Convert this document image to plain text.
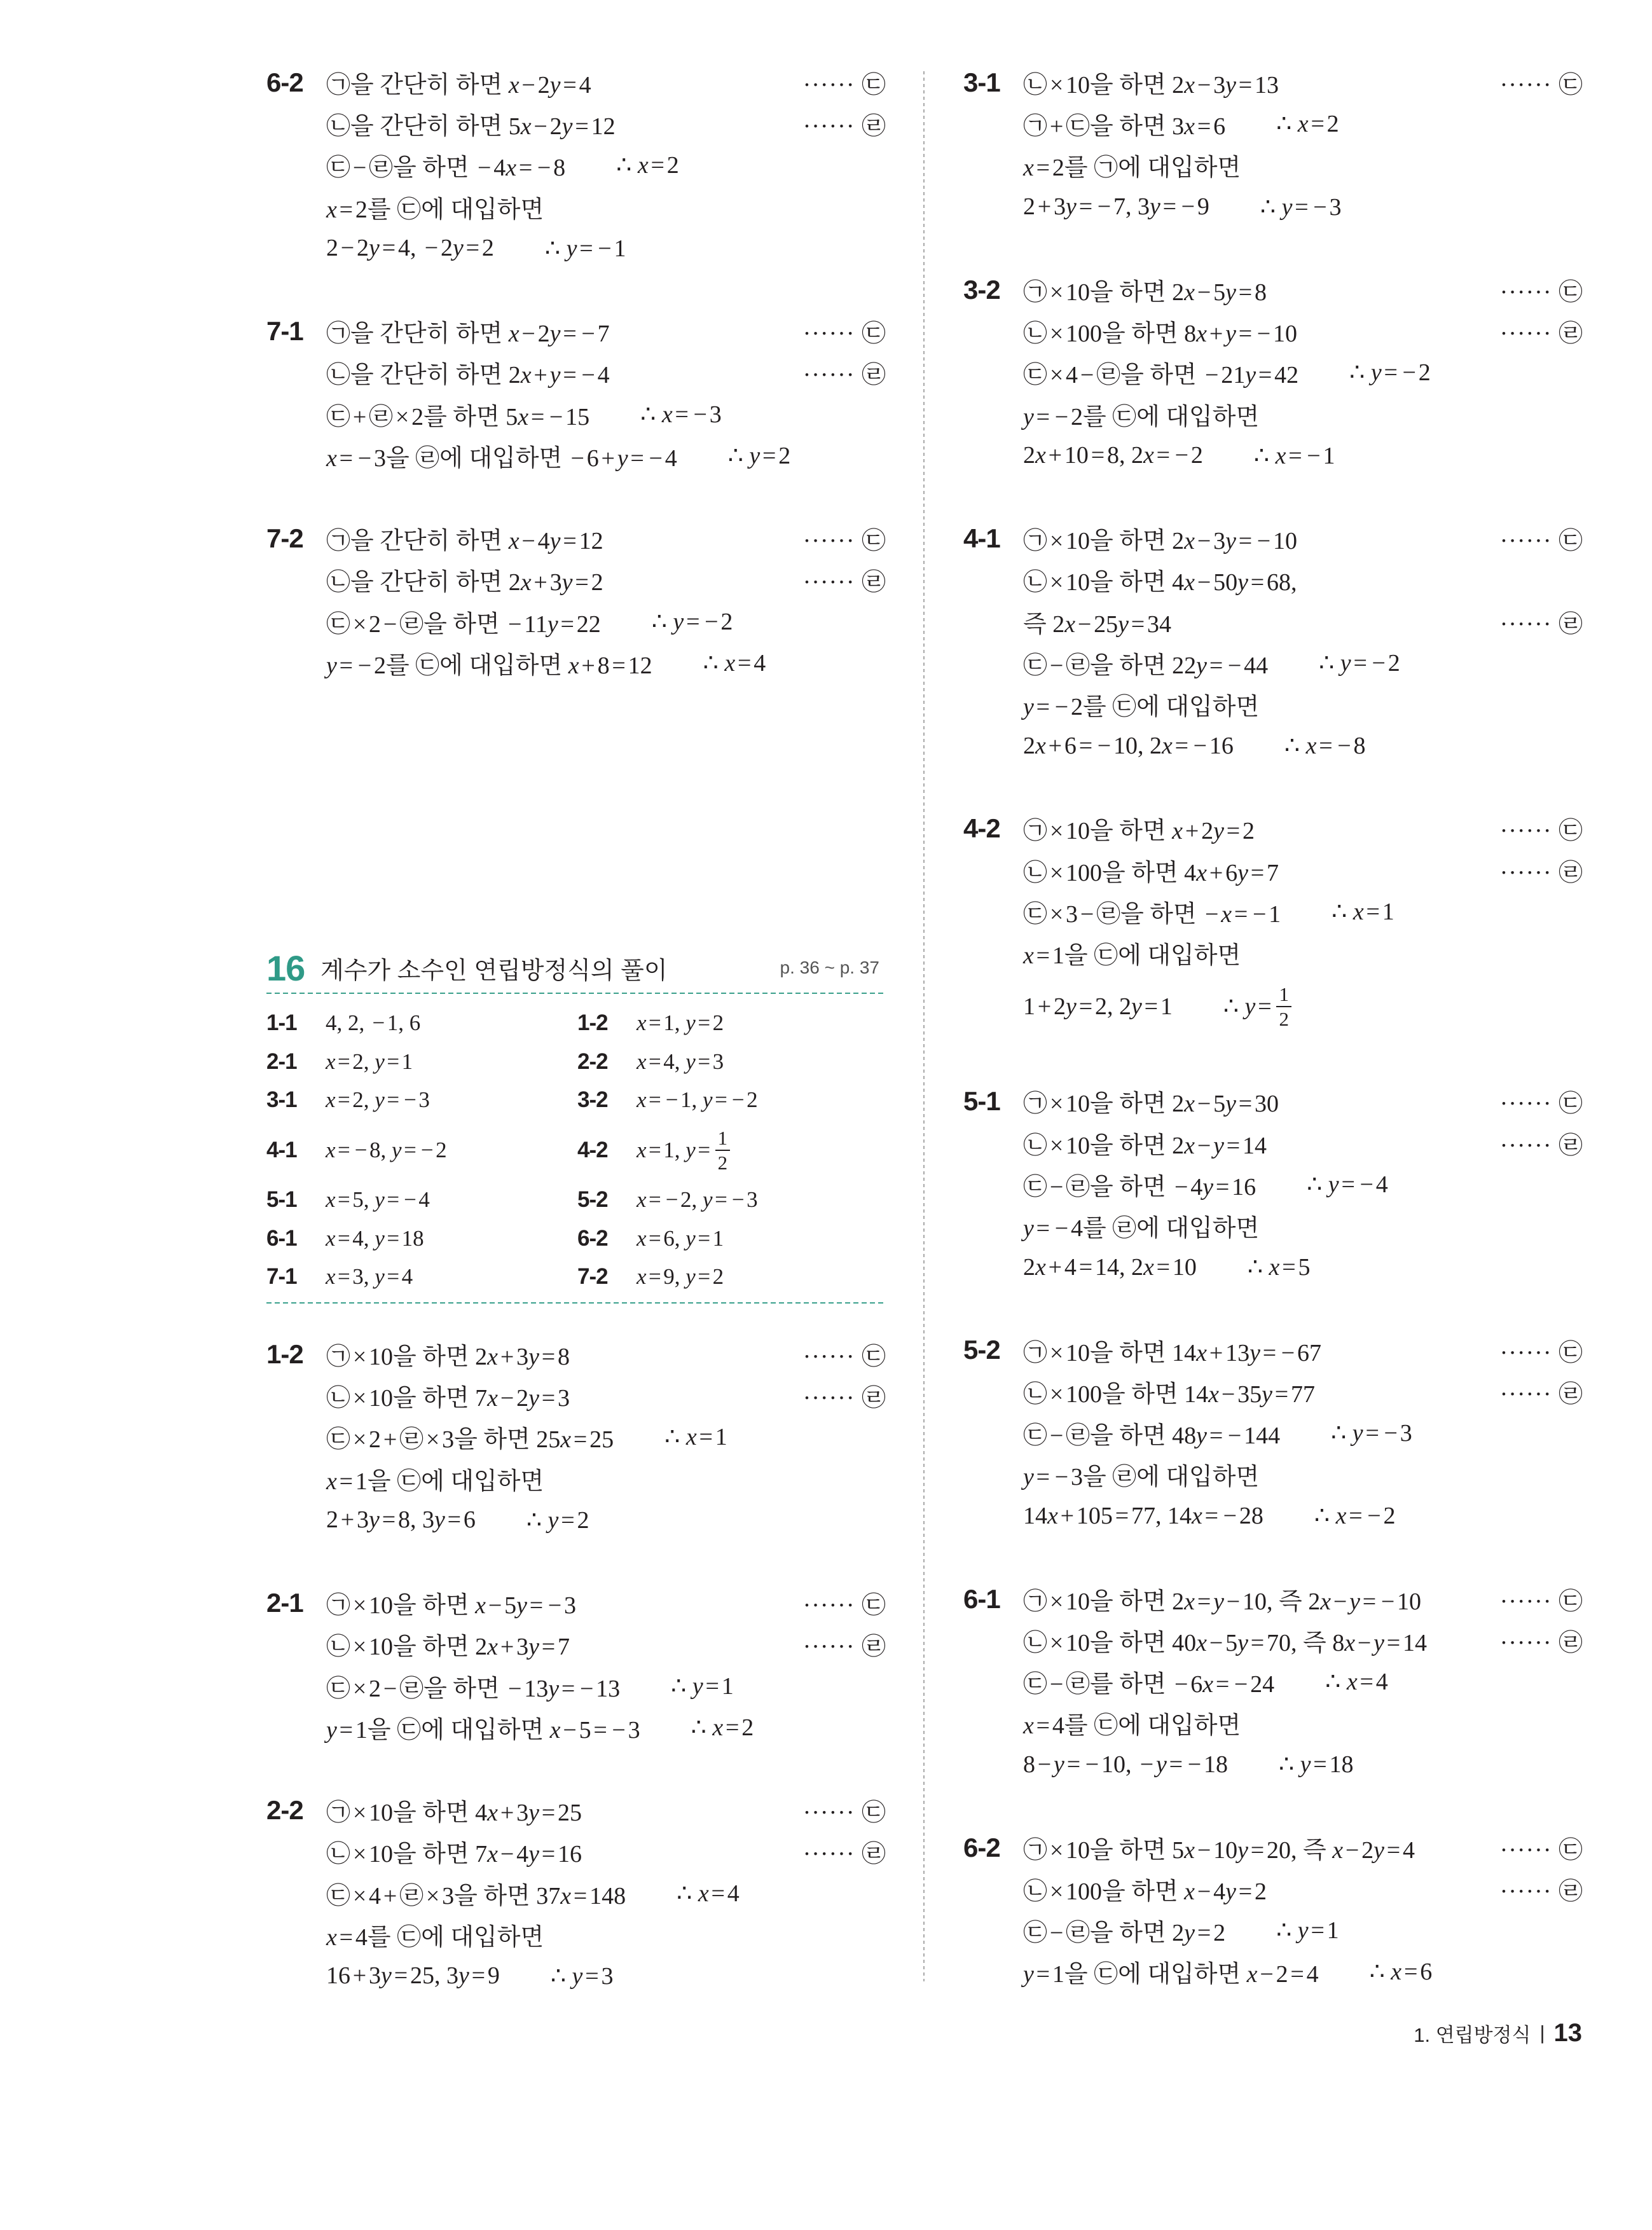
6-2 ㉠을 간단히 하면 x−2y=4	······ ㉢
㉡을 간단히 하면 5x−2y=12	······ ㉣
㉢−㉣을 하면 −4x= −8 ∴ x=2
x=2를 ㉢에 대입하면
2−2y=4, −2y=2 ∴ y= −1
7-1 ㉠을 간단히 하면 x−2y= −7	······ ㉢
㉡을 간단히 하면 2x+y= −4	······ ㉣
㉢+㉣×2를 하면 5x= −15 ∴ x= −3
x= −3을 ㉣에 대입하면 −6+y= −4 ∴ y=2
7-2 ㉠을 간단히 하면 x−4y=12	······ ㉢
㉡을 간단히 하면 2x+3y=2	······ ㉣
㉢×2−㉣을 하면 −11y=22 ∴ y= −2
y= −2를 ㉢에 대입하면 x+8=12 ∴ x=4
16 계수가 소수인 연립방정식의 풀이	p. 36 ~ p. 37
1-1	4, 2, − 1, 6	1-2	x = 1, y = 2
2-1	x = 2, y = 1	2-2	x = 4, y = 3
3-1	x = 2, y = − 3	3-2	x = − 1, y = − 2
4-1	x = − 8, y = − 2	4-2	x = 1, $y = \frac{1}{2}$
5-1	x = 5, y = − 4	5-2	x = − 2, y = − 3
6-1	x = 4, y = 18	6-2	x = 6, y = 1
7-1	x = 3, y = 4	7-2	x = 9, y = 2
1-2 ㉠×10을 하면 2x+3y=8	······ ㉢
㉡×10을 하면 7x−2y=3	······ ㉣
㉢×2+㉣×3을 하면 25x=25 ∴ x=1
x=1을 ㉢에 대입하면
2+3y=8, 3y=6 ∴ y=2
2-1 ㉠×10을 하면 x−5y= −3	······ ㉢
㉡×10을 하면 2x+3y=7	······ ㉣
㉢×2−㉣을 하면 −13y= −13 ∴ y=1
y=1을 ㉢에 대입하면 x−5= −3 ∴ x=2
2-2 ㉠×10을 하면 4x+3y=25	······ ㉢
㉡×10을 하면 7x−4y=16	······ ㉣
㉢×4+㉣×3을 하면 37x=148 ∴ x=4
x=4를 ㉢에 대입하면
16+3y=25, 3y=9 ∴ y=3
3-1 ㉡×10을 하면 2x−3y=13	······ ㉢
㉠+㉢을 하면 3x=6 ∴ x=2
x=2를 ㉠에 대입하면
2+3y= −7, 3y= −9 ∴ y= −3
3-2 ㉠×10을 하면 2x−5y=8	······ ㉢
㉡×100을 하면 8x+y= −10	······ ㉣
㉢×4−㉣을 하면 −21y=42 ∴ y= −2
y= −2를 ㉢에 대입하면
2x+10=8, 2x= −2 ∴ x= −1
4-1 ㉠×10을 하면 2x−3y= −10	······ ㉢
㉡×10을 하면 4x−50y=68,
즉 2x−25y=34	······ ㉣
㉢−㉣을 하면 22y= −44 ∴ y= −2
y= −2를 ㉢에 대입하면
2x+6= −10, 2x= −16 ∴ x= −8
4-2 ㉠×10을 하면 x+2y=2	······ ㉢
㉡×100을 하면 4x+6y=7	······ ㉣
㉢×3−㉣을 하면 −x= −1 ∴ x=1
x=1을 ㉢에 대입하면
1+2y=2, 2y=1 ∴ $y= \frac{1}{2}$
5-1 ㉠×10을 하면 2x−5y=30	······ ㉢
㉡×10을 하면 2x−y=14	······ ㉣
㉢−㉣을 하면 −4y=16 ∴ y= −4
y= −4를 ㉣에 대입하면
2x+4=14, 2x=10 ∴ x=5
5-2 ㉠×10을 하면 14x+13y= −67	······ ㉢
㉡×100을 하면 14x−35y=77	······ ㉣
㉢−㉣을 하면 48y= −144 ∴ y= −3
y= −3을 ㉣에 대입하면
14x+105=77, 14x= −28 ∴ x= −2
6-1 ㉠×10을 하면 2x=y−10, 즉 2x−y= −10	······ ㉢
㉡×10을 하면 40x−5y=70, 즉 8x−y=14	······ ㉣
㉢−㉣를 하면 −6x= −24 ∴ x=4
x=4를 ㉢에 대입하면
8−y= −10, −y= −18 ∴ y=18
6-2 ㉠×10을 하면 5x−10y=20, 즉 x−2y=4	······ ㉢
㉡×100을 하면 x−4y=2	······ ㉣
㉢−㉣을 하면 2y=2 ∴ y=1
y=1을 ㉢에 대입하면 x−2=4 ∴ x=6
1. 연립방정식 | 13
